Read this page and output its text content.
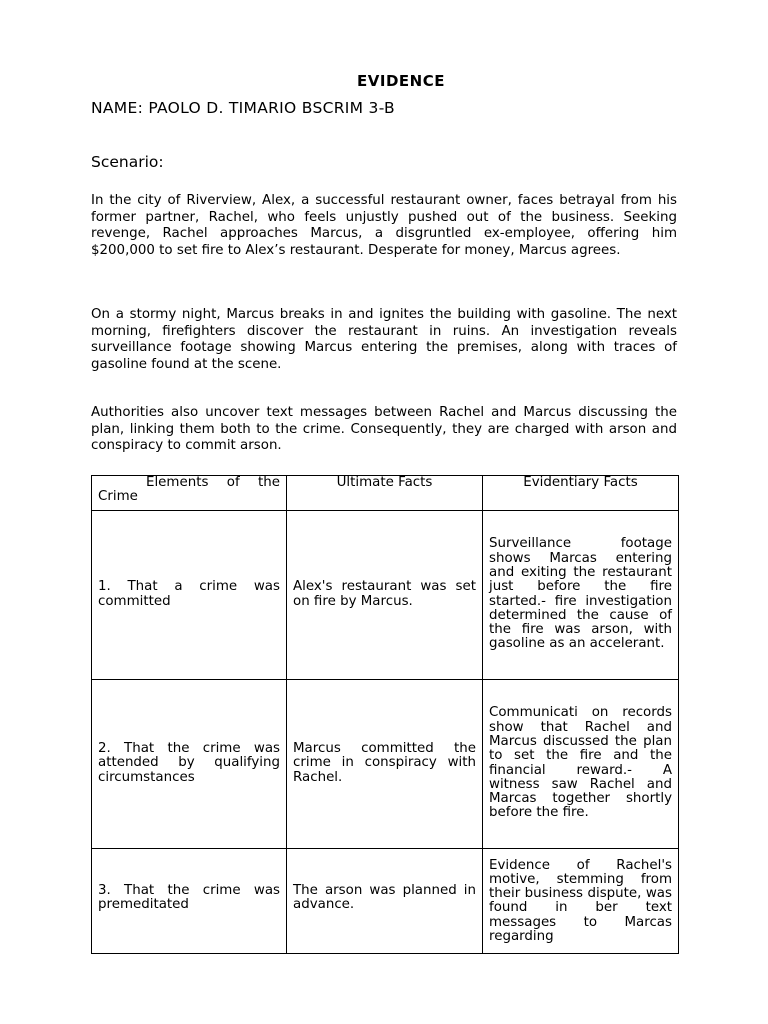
EVIDENCE
NAME: PAOLO D. TIMARIO BSCRIM 3-B
Scenario:

In the city of Riverview, Alex, a successful restaurant owner, faces betrayal from his former partner, Rachel, who feels unjustly pushed out of the business. Seeking revenge, Rachel approaches Marcus, a disgruntled ex-employee, offering him $200,000 to set fire to Alex’s restaurant. Desperate for money, Marcus agrees.

On a stormy night, Marcus breaks in and ignites the building with gasoline. The next morning, firefighters discover the restaurant in ruins. An investigation reveals surveillance footage showing Marcus entering the premises, along with traces of gasoline found at the scene.

Authorities also uncover text messages between Rachel and Marcus discussing the plan, linking them both to the crime. Consequently, they are charged with arson and conspiracy to commit arson.

Elements of the Crime	Ultimate Facts	Evidentiary Facts
1. That a crime was committed	Alex's restaurant was set on fire by Marcus.	Surveillance footage shows Marcas entering and exiting the restaurant just before the fire started.- fire investigation determined the cause of the fire was arson, with gasoline as an accelerant.
2. That the crime was attended by qualifying circumstances	Marcus committed the crime in conspiracy with Rachel.	Communicati on records show that Rachel and Marcus discussed the plan to set the fire and the financial reward.- A witness saw Rachel and Marcas together shortly before the fire.
3. That the crime was premeditated	The arson was planned in advance.	Evidence of Rachel's motive, stemming from their business dispute, was found in ber text messages to Marcas regarding
